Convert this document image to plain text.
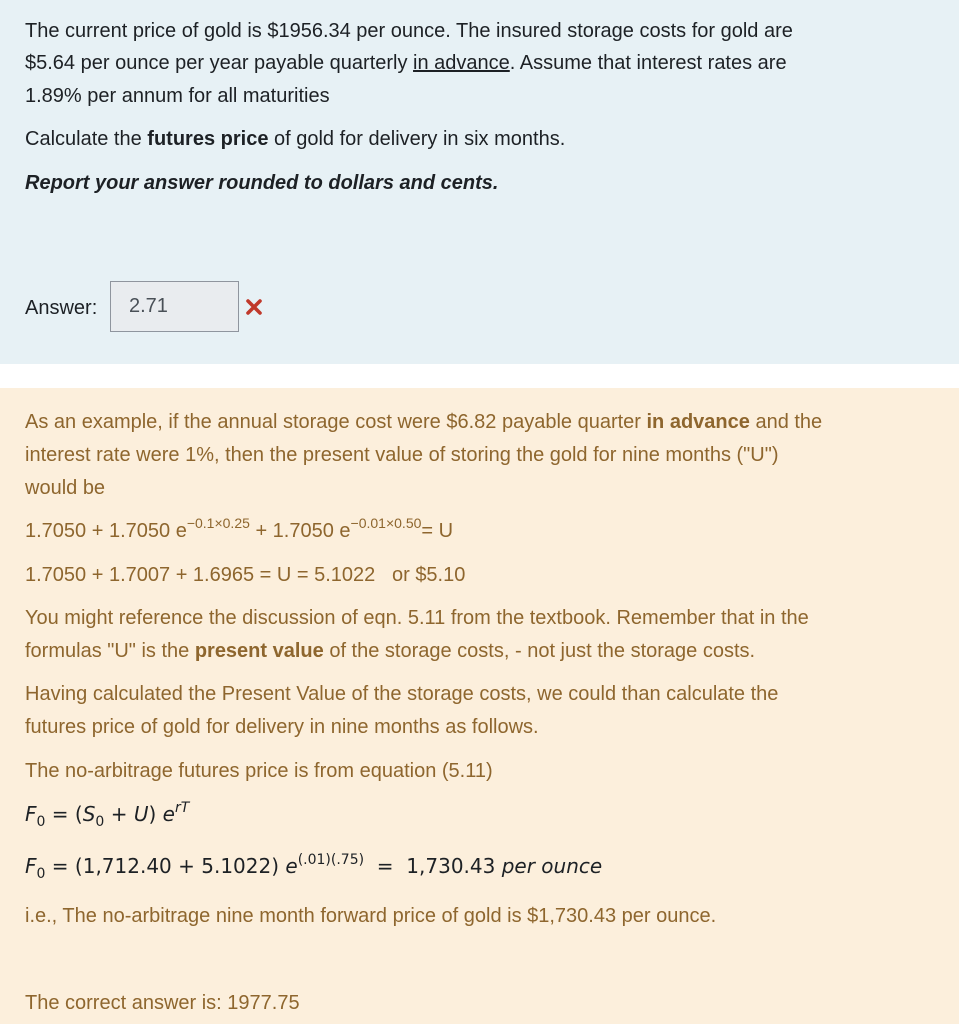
The current price of gold is $1956.34 per ounce. The insured storage costs for gold are
$5.64 per ounce per year payable quarterly in advance. Assume that interest rates are
1.89% per annum for all maturities
Calculate the futures price of gold for delivery in six months.
Report your answer rounded to dollars and cents.
Answer:	2.71
As an example, if the annual storage cost were $6.82 payable quarter in advance and the
interest rate were 1%, then the present value of storing the gold for nine months ("U")
would be
1.7050 + 1.7050 $e^{-0.1\times 0.25} + 1.7050$ $e^{-0.01\times 0.50}= U$
1.7050 + 1.7007 + 1.6965 = U = 5.1022   or $5.10
You might reference the discussion of eqn. 5.11 from the textbook. Remember that in the
formulas "U" is the present value of the storage costs, - not just the storage costs.
Having calculated the Present Value of the storage costs, we could than calculate the
futures price of gold for delivery in nine months as follows.
The no-arbitrage futures price is from equation (5.11)
$F_0 = (S_0 + U)$ $e^{rT}$
$F_0 = (1,712.40 + 5.1022) e^{(.01)(.75)} = 1,730.43$ per ounce
i.e., The no-arbitrage nine month forward price of gold is $1,730.43 per ounce.
The correct answer is: 1977.75
